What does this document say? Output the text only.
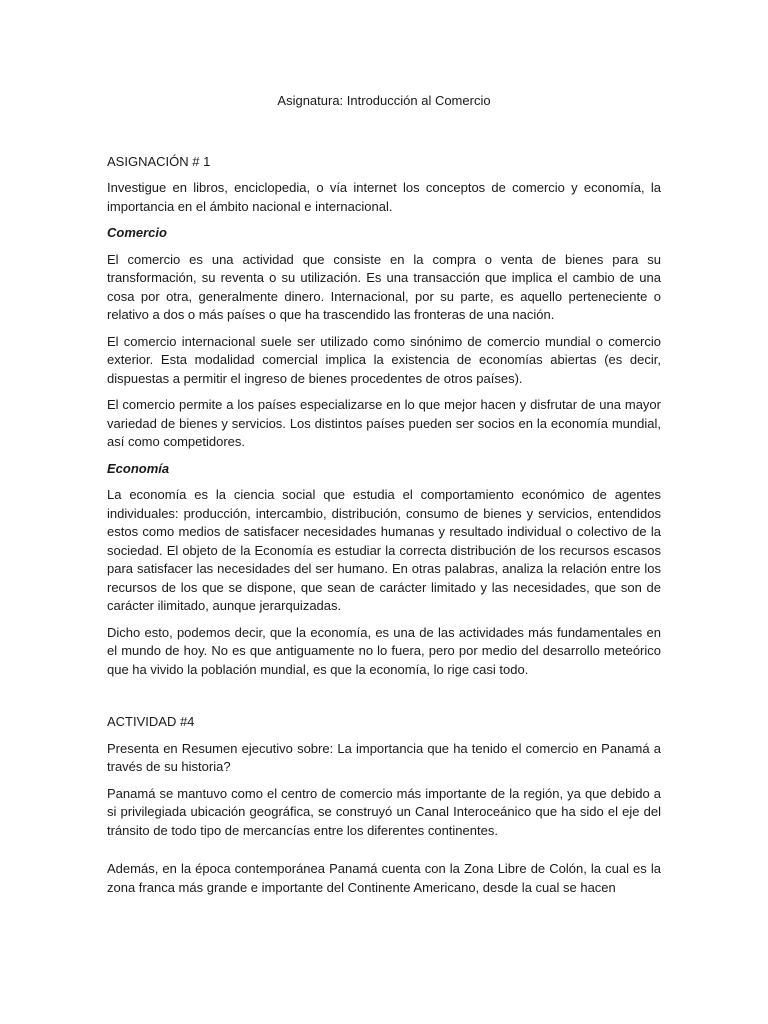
Asignatura: Introducción al Comercio
ASIGNACIÓN # 1

Investigue en libros, enciclopedia, o vía internet los conceptos de comercio y economía, la importancia en el ámbito nacional e internacional.

Comercio

El comercio es una actividad que consiste en la compra o venta de bienes para su transformación, su reventa o su utilización. Es una transacción que implica el cambio de una cosa por otra, generalmente dinero. Internacional, por su parte, es aquello perteneciente o relativo a dos o más países o que ha trascendido las fronteras de una nación.

El comercio internacional suele ser utilizado como sinónimo de comercio mundial o comercio exterior. Esta modalidad comercial implica la existencia de economías abiertas (es decir, dispuestas a permitir el ingreso de bienes procedentes de otros países).

El comercio permite a los países especializarse en lo que mejor hacen y disfrutar de una mayor variedad de bienes y servicios. Los distintos países pueden ser socios en la economía mundial, así como competidores.

Economía

La economía es la ciencia social que estudia el comportamiento económico de agentes individuales: producción, intercambio, distribución, consumo de bienes y servicios, entendidos estos como medios de satisfacer necesidades humanas y resultado individual o colectivo de la sociedad. El objeto de la Economía es estudiar la correcta distribución de los recursos escasos para satisfacer las necesidades del ser humano. En otras palabras, analiza la relación entre los recursos de los que se dispone, que sean de carácter limitado y las necesidades, que son de carácter ilimitado, aunque jerarquizadas.

Dicho esto, podemos decir, que la economía, es una de las actividades más fundamentales en el mundo de hoy. No es que antiguamente no lo fuera, pero por medio del desarrollo meteórico que ha vivido la población mundial, es que la economía, lo rige casi todo.

ACTIVIDAD #4

Presenta en Resumen ejecutivo sobre: La importancia que ha tenido el comercio en Panamá a través de su historia?

Panamá se mantuvo como el centro de comercio más importante de la región, ya que debido a si privilegiada ubicación geográfica, se construyó un Canal Interoceánico que ha sido el eje del tránsito de todo tipo de mercancías entre los diferentes continentes.

Además, en la época contemporánea Panamá cuenta con la Zona Libre de Colón, la cual es la zona franca más grande e importante del Continente Americano, desde la cual se hacen
